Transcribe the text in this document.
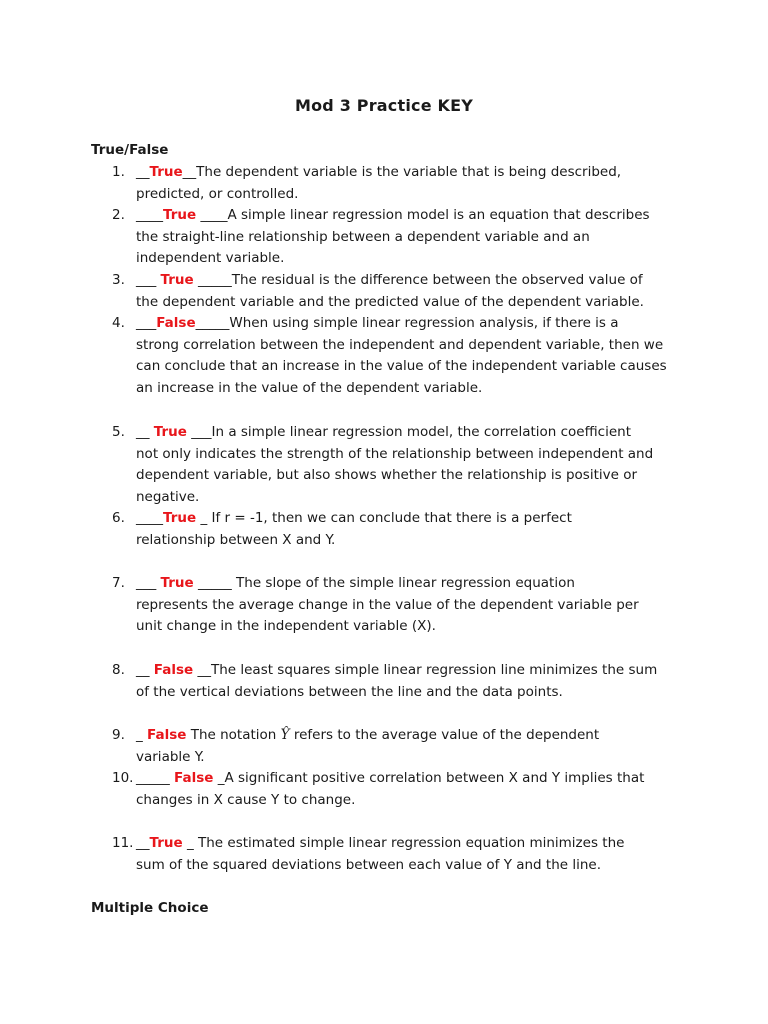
Mod 3 Practice KEY
True/False
1. __True__The dependent variable is the variable that is being described,
predicted, or controlled.
2. ____True ____A simple linear regression model is an equation that describes
the straight-line relationship between a dependent variable and an
independent variable.
3. ___ True _____The residual is the difference between the observed value of
the dependent variable and the predicted value of the dependent variable.
4. ___False_____When using simple linear regression analysis, if there is a
strong correlation between the independent and dependent variable, then we
can conclude that an increase in the value of the independent variable causes
an increase in the value of the dependent variable.
5. __ True ___In a simple linear regression model, the correlation coefficient
not only indicates the strength of the relationship between independent and
dependent variable, but also shows whether the relationship is positive or
negative.
6. ____True _ If r = -1, then we can conclude that there is a perfect
relationship between X and Y.
7. ___ True _____ The slope of the simple linear regression equation
represents the average change in the value of the dependent variable per
unit change in the independent variable (X).
8. __ False __The least squares simple linear regression line minimizes the sum
of the vertical deviations between the line and the data points.
9. _ False The notation Ŷ refers to the average value of the dependent
variable Y.
10. _____ False _A significant positive correlation between X and Y implies that
changes in X cause Y to change.
11. __True _ The estimated simple linear regression equation minimizes the
sum of the squared deviations between each value of Y and the line.
Multiple Choice
